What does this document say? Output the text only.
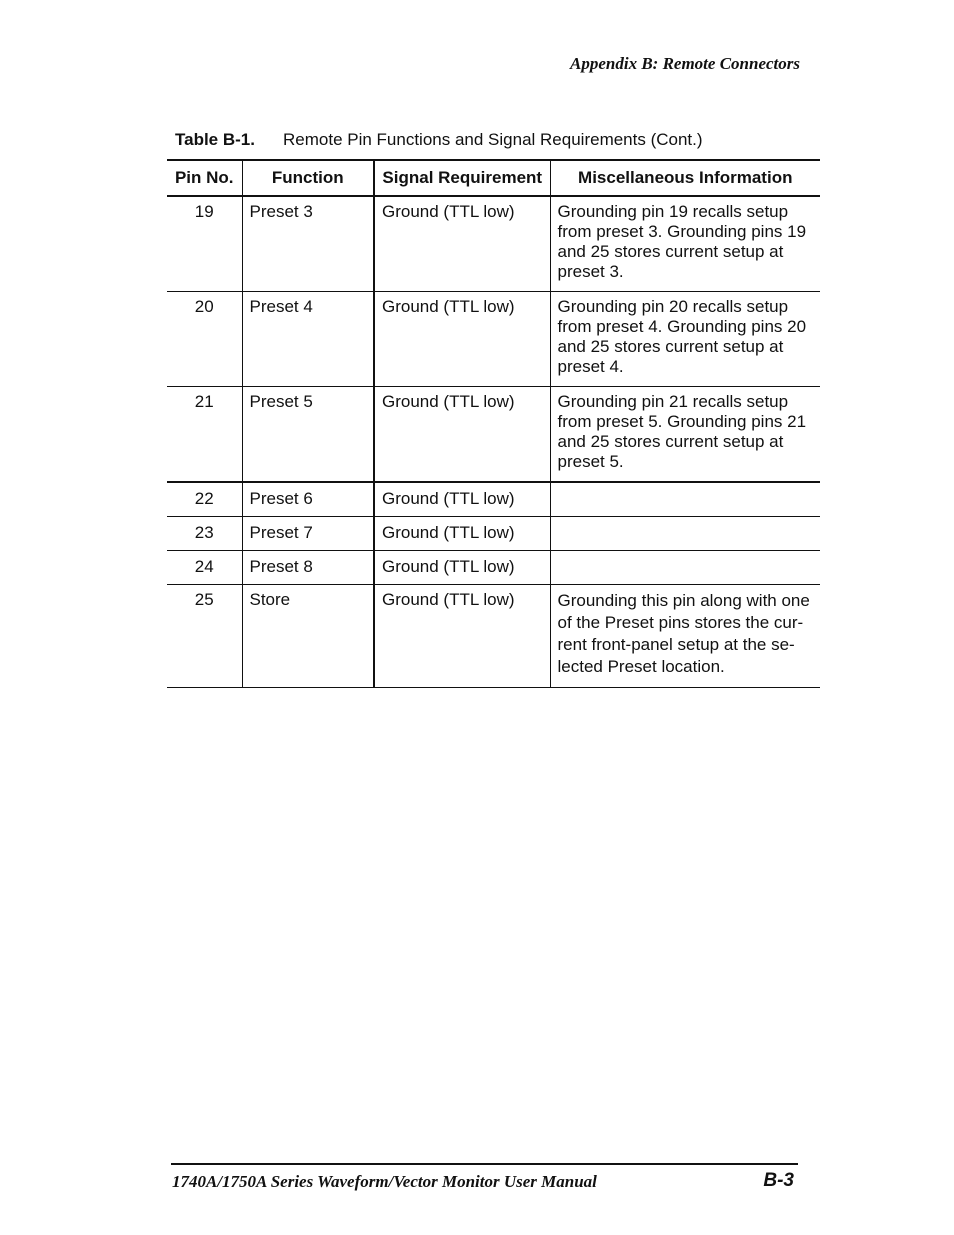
Appendix B: Remote Connectors
Table B-1. Remote Pin Functions and Signal Requirements (Cont.)
Pin No.	Function	Signal Requirement	Miscellaneous Information
19	Preset 3	Ground (TTL low)	Grounding pin 19 recalls setup
from preset 3. Grounding pins 19
and 25 stores current setup at
preset 3.

20	Preset 4	Ground (TTL low)	Grounding pin 20 recalls setup
from preset 4. Grounding pins 20
and 25 stores current setup at
preset 4.

21	Preset 5	Ground (TTL low)	Grounding pin 21 recalls setup
from preset 5. Grounding pins 21
and 25 stores current setup at
preset 5.

22	Preset 6	Ground (TTL low)	
23	Preset 7	Ground (TTL low)	
24	Preset 8	Ground (TTL low)	
25	Store	Ground (TTL low)	Grounding this pin along with one
of the Preset pins stores the cur-
rent front-panel setup at the se-
lected Preset location.
1740A/1750A Series Waveform/Vector Monitor User Manual	B-3
